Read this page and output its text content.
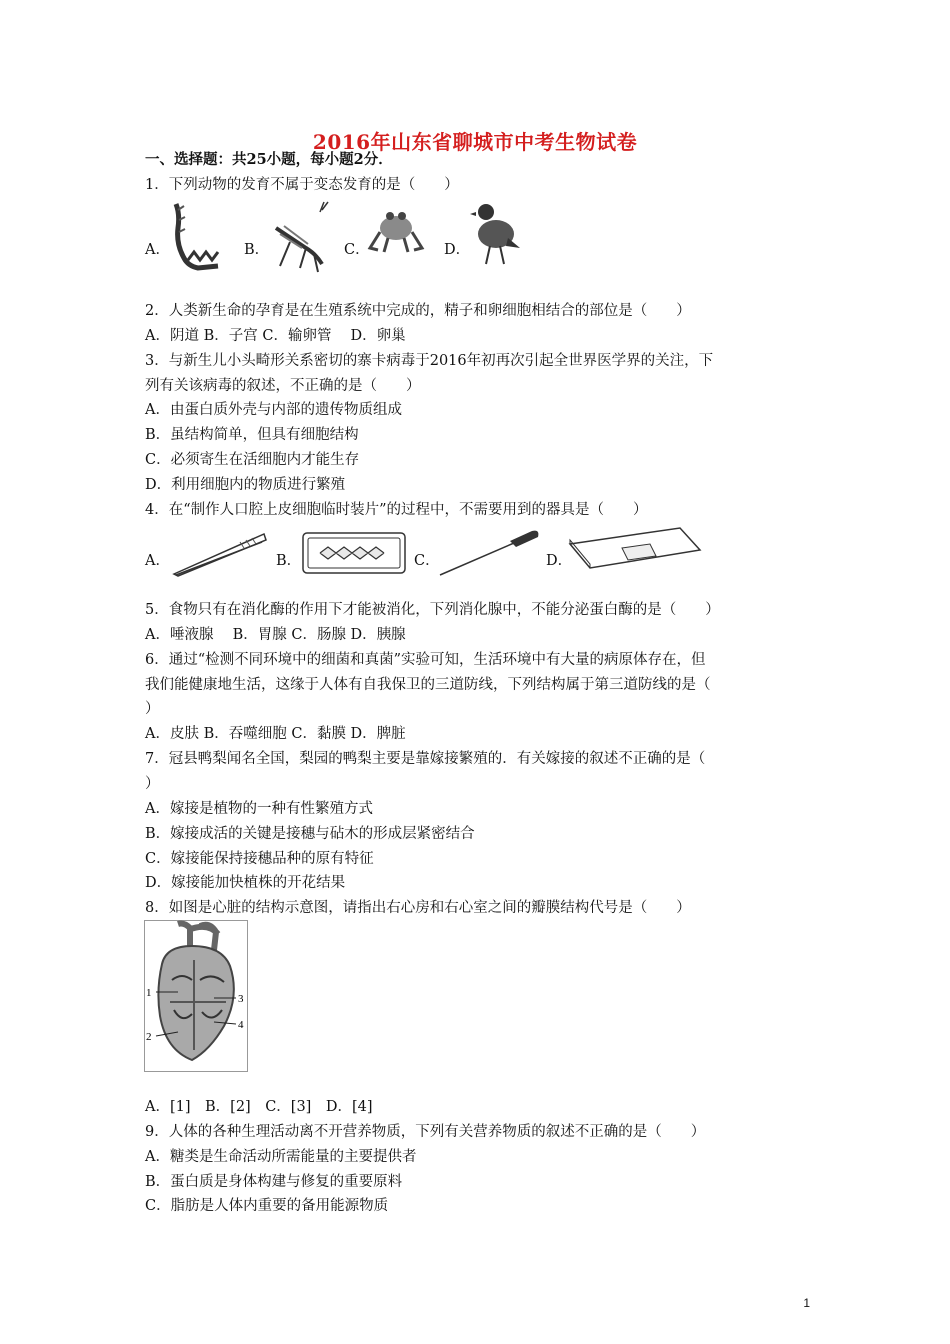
2016年山东省聊城市中考生物试卷
一、选择题：共25小题，每小题2分．
1．下列动物的发育不属于变态发育的是（　　）
A．	B．	C．	D．
2．人类新生命的孕育是在生殖系统中完成的，精子和卵细胞相结合的部位是（　　）
A．阴道 B．子宫 C．输卵管　 D．卵巢
3．与新生儿小头畸形关系密切的寨卡病毒于2016年初再次引起全世界医学界的关注，下
列有关该病毒的叙述，不正确的是（　　）
A．由蛋白质外壳与内部的遗传物质组成
B．虽结构简单，但具有细胞结构
C．必须寄生在活细胞内才能生存
D．利用细胞内的物质进行繁殖
4．在“制作人口腔上皮细胞临时装片”的过程中，不需要用到的器具是（　　）
A．	B．	C．	D．
5．食物只有在消化酶的作用下才能被消化，下列消化腺中，不能分泌蛋白酶的是（　　）
A．唾液腺　 B．胃腺 C．肠腺 D．胰腺
6．通过“检测不同环境中的细菌和真菌”实验可知，生活环境中有大量的病原体存在，但
我们能健康地生活，这缘于人体有自我保卫的三道防线，下列结构属于第三道防线的是（
）
A．皮肤 B．吞噬细胞 C．黏膜 D．脾脏
7．冠县鸭梨闻名全国，梨园的鸭梨主要是靠嫁接繁殖的．有关嫁接的叙述不正确的是（
）
A．嫁接是植物的一种有性繁殖方式
B．嫁接成活的关键是接穗与砧木的形成层紧密结合
C．嫁接能保持接穗品种的原有特征
D．嫁接能加快植株的开花结果
8．如图是心脏的结构示意图，请指出右心房和右心室之间的瓣膜结构代号是（　　）
1
2
3
4
A．[1]　B．[2]　C．[3]　D．[4]
9．人体的各种生理活动离不开营养物质，下列有关营养物质的叙述不正确的是（　　）
A．糖类是生命活动所需能量的主要提供者
B．蛋白质是身体构建与修复的重要原料
C．脂肪是人体内重要的备用能源物质
1
